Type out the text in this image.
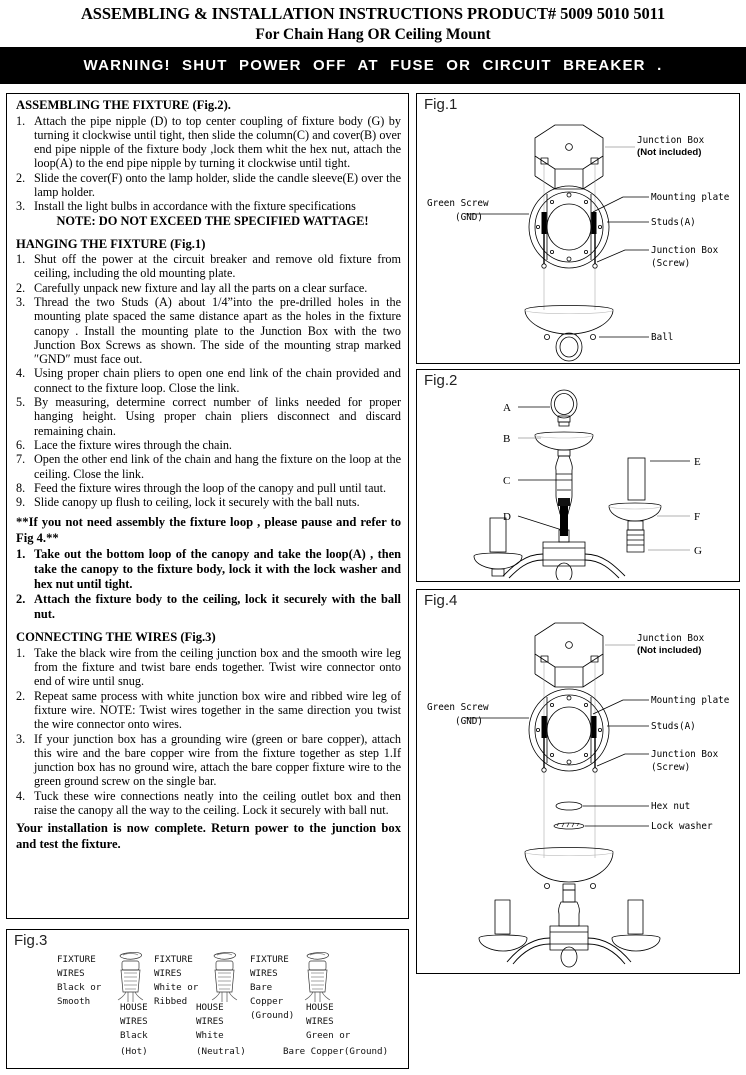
ASSEMBLING & INSTALLATION INSTRUCTIONS PRODUCT# 5009 5010 5011
For Chain Hang OR Ceiling Mount
WARNING! SHUT POWER OFF AT FUSE OR CIRCUIT BREAKER .
ASSEMBLING THE FIXTURE (Fig.2).
1. Attach the pipe nipple (D) to top center coupling of fixture body (G) by turning it clockwise until tight, then slide the column(C) and cover(B) over end pipe nipple of the fixture body ,lock them whit the hex nut, attach the loop(A) to the end pipe nipple by turning it clockwise until tight.
2. Slide the cover(F) onto the lamp holder, slide the candle sleeve(E) over the lamp holder.
3. Install the light bulbs in accordance with the fixture specifications
NOTE: DO NOT EXCEED THE SPECIFIED WATTAGE!
HANGING THE FIXTURE (Fig.1)
1. Shut off the power at the circuit breaker and remove old fixture from ceiling, including the old mounting plate.
2. Carefully unpack new fixture and lay all the parts on a clear surface.
3. Thread the two Studs (A) about 1/4”into the pre-drilled holes in the mounting plate spaced the same distance apart as the holes in the fixture canopy . Install the mounting plate to the Junction Box with the two Junction Box Screws as shown. The side of the mounting strap marked ″GND″ must face out.
4. Using proper chain pliers to open one end link of the chain provided and connect to the fixture loop. Close the link.
5. By measuring, determine correct number of links needed for proper hanging height. Using proper chain pliers disconnect and discard remaining chain.
6. Lace the fixture wires through the chain.
7. Open the other end link of the chain and hang the fixture on the loop at the ceiling. Close the link.
8. Feed the fixture wires through the loop of the canopy and pull until taut.
9. Slide canopy up flush to ceiling, lock it securely with the ball nuts.
**If you not need assembly the fixture loop , please pause and refer to Fig 4.**
1. Take out the bottom loop of the canopy and take the loop(A) , then take the canopy to the fixture body, lock it with the lock washer and hex nut until tight.
2. Attach the fixture body to the ceiling, lock it securely with the ball nut.
CONNECTING THE WIRES (Fig.3)
1. Take the black wire from the ceiling junction box and the smooth wire leg from the fixture and twist bare ends together. Twist wire connector onto end of wire until snug.
2. Repeat same process with white junction box wire and ribbed wire leg of fixture wire. NOTE: Twist wires together in the same direction you twist the wire connector onto wires.
3. If your junction box has a grounding wire (green or bare copper), attach this wire and the bare copper wire from the fixture together as step 1.If junction box has no ground wire, attach the bare copper fixture wire to the green ground screw on the single bar.
4. Tuck these wire connections neatly into the ceiling outlet box and then raise the canopy all the way to the ceiling. Lock it securely with ball nut.
Your installation is now complete. Return power to the junction box and test the fixture.
Fig.1
Junction Box
(Not included)
Mounting plate
Studs(A)
Junction Box
(Screw)
Green Screw
(GND)
Ball
Fig.2
A
B
C
D
E
F
G
Fig.4
Junction Box
(Not included)
Mounting plate
Studs(A)
Junction Box
(Screw)
Green Screw
(GND)
Hex nut
Lock washer
Fig.3
FIXTURE
WIRES
Black or
Smooth
HOUSE
WIRES
Black
(Hot)
FIXTURE
WIRES
White or
Ribbed
HOUSE
WIRES
White
(Neutral)
FIXTURE
WIRES
Bare
Copper
(Ground)
HOUSE
WIRES
Green or
Bare Copper(Ground)
